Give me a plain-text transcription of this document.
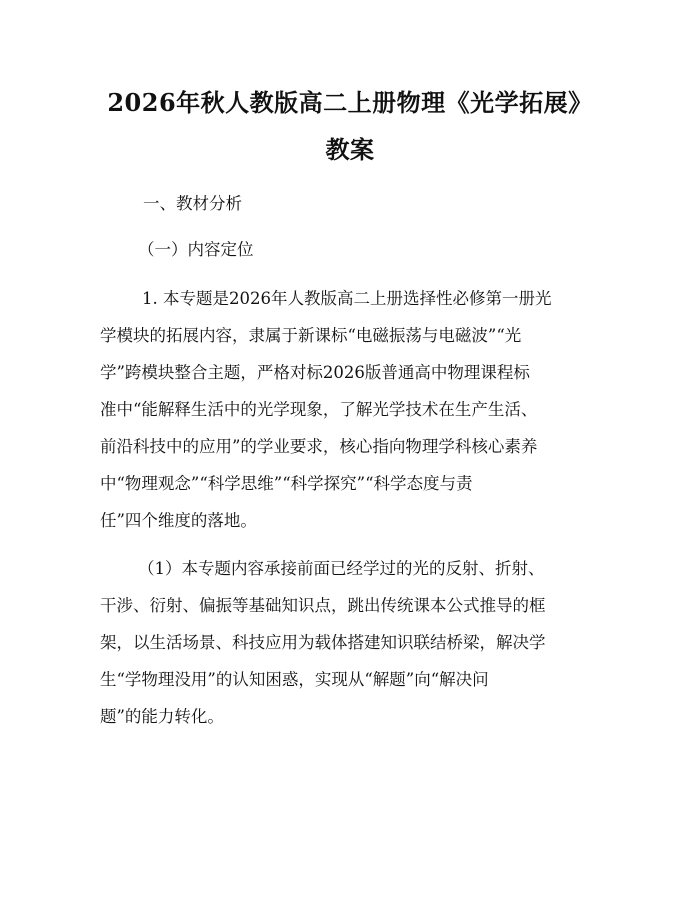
2026年秋人教版高二上册物理《光学拓展》
教案
一、教材分析
（一）内容定位
1. 本专题是2026年人教版高二上册选择性必修第一册光
学模块的拓展内容，隶属于新课标“电磁振荡与电磁波”“光
学”跨模块整合主题，严格对标2026版普通高中物理课程标
准中“能解释生活中的光学现象，了解光学技术在生产生活、
前沿科技中的应用”的学业要求，核心指向物理学科核心素养
中“物理观念”“科学思维”“科学探究”“科学态度与责
任”四个维度的落地。
（1）本专题内容承接前面已经学过的光的反射、折射、
干涉、衍射、偏振等基础知识点，跳出传统课本公式推导的框
架，以生活场景、科技应用为载体搭建知识联结桥梁，解决学
生“学物理没用”的认知困惑，实现从“解题”向“解决问
题”的能力转化。
